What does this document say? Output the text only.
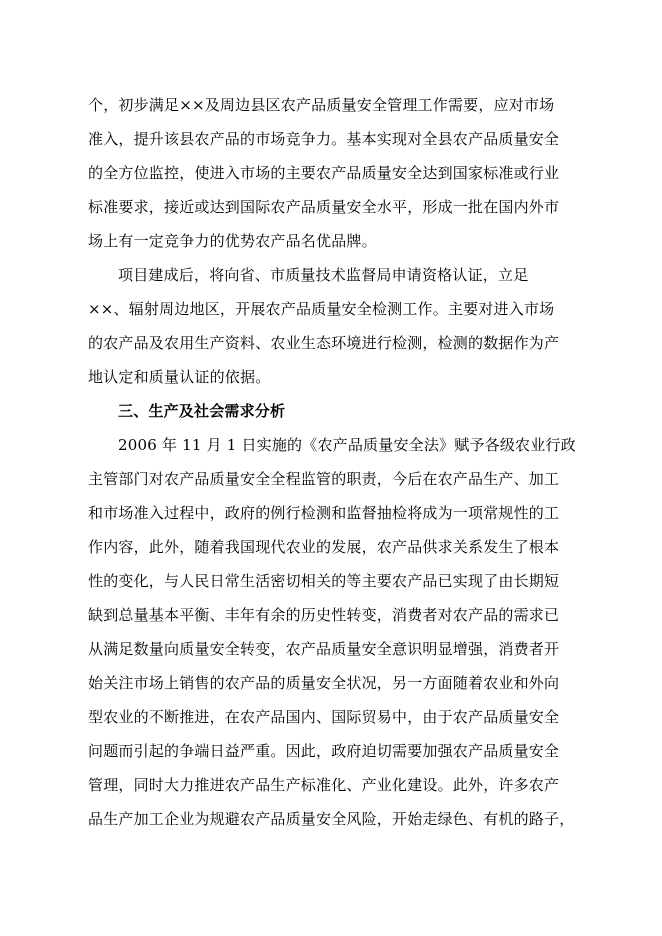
个，初步满足××及周边县区农产品质量安全管理工作需要，应对市场
准入，提升该县农产品的市场竞争力。基本实现对全县农产品质量安全
的全方位监控，使进入市场的主要农产品质量安全达到国家标准或行业
标准要求，接近或达到国际农产品质量安全水平，形成一批在国内外市
场上有一定竞争力的优势农产品名优品牌。
项目建成后，将向省、市质量技术监督局申请资格认证，立足
××、辐射周边地区，开展农产品质量安全检测工作。主要对进入市场
的农产品及农用生产资料、农业生态环境进行检测，检测的数据作为产
地认定和质量认证的依据。
三、生产及社会需求分析
2006 年 11 月 1 日实施的《农产品质量安全法》赋予各级农业行政
主管部门对农产品质量安全全程监管的职责，今后在农产品生产、加工
和市场准入过程中，政府的例行检测和监督抽检将成为一项常规性的工
作内容，此外，随着我国现代农业的发展，农产品供求关系发生了根本
性的变化，与人民日常生活密切相关的等主要农产品已实现了由长期短
缺到总量基本平衡、丰年有余的历史性转变，消费者对农产品的需求已
从满足数量向质量安全转变，农产品质量安全意识明显增强，消费者开
始关注市场上销售的农产品的质量安全状况，另一方面随着农业和外向
型农业的不断推进，在农产品国内、国际贸易中，由于农产品质量安全
问题而引起的争端日益严重。因此，政府迫切需要加强农产品质量安全
管理，同时大力推进农产品生产标准化、产业化建设。此外，许多农产
品生产加工企业为规避农产品质量安全风险，开始走绿色、有机的路子，
